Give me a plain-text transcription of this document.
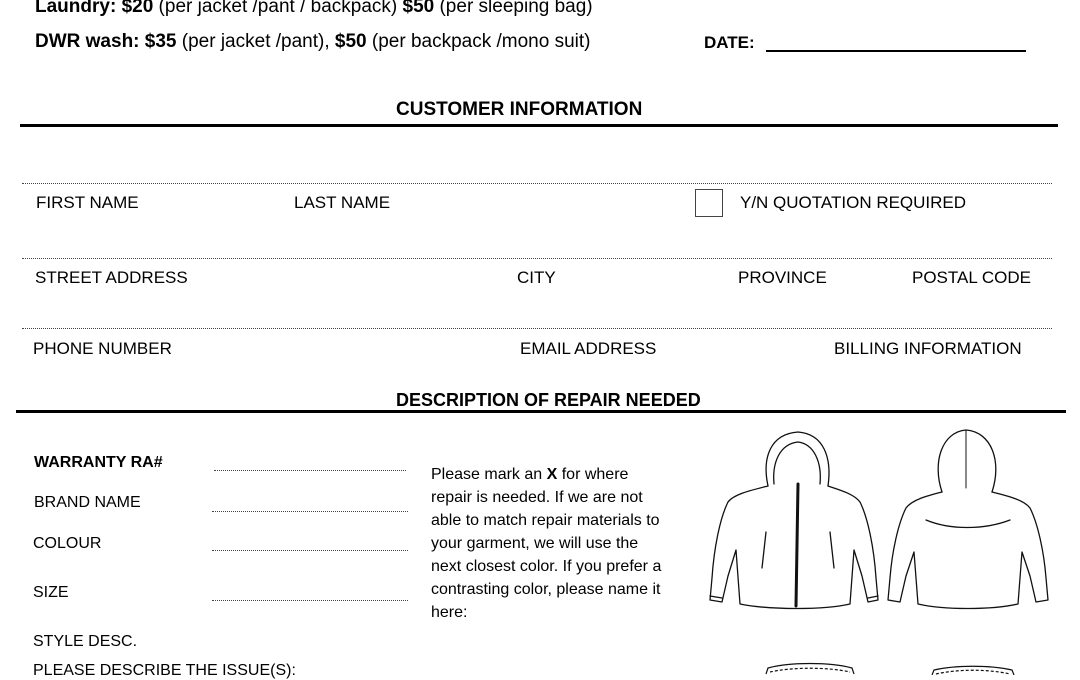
Laundry: $20 (per jacket /pant / backpack) $50 (per sleeping bag)
DWR wash: $35 (per jacket /pant), $50 (per backpack /mono suit)	DATE:
CUSTOMER INFORMATION
FIRST NAME	LAST NAME	Y/N QUOTATION REQUIRED
STREET ADDRESS	CITY	PROVINCE	POSTAL CODE
PHONE NUMBER	EMAIL ADDRESS	BILLING INFORMATION
DESCRIPTION OF REPAIR NEEDED
WARRANTY RA#
BRAND NAME
COLOUR
SIZE
STYLE DESC.
PLEASE DESCRIBE THE ISSUE(S):

Please mark an X for where repair is needed. If we are not able to match repair materials to your garment, we will use the next closest color. If you prefer a contrasting color, please name it here:
